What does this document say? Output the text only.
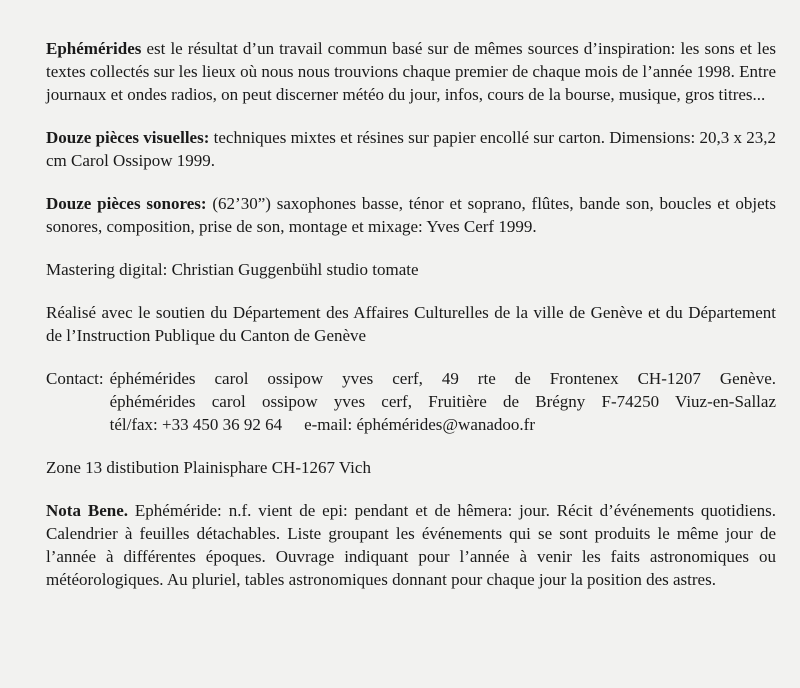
Ephémérides est le résultat d’un travail commun basé sur de mêmes sources d’inspiration: les sons et les textes collectés sur les lieux où nous nous trouvions chaque premier de chaque mois de l’année 1998. Entre journaux et ondes radios, on peut discerner météo du jour, infos, cours de la bourse, musique, gros titres...

Douze pièces visuelles: techniques mixtes et résines sur papier encollé sur carton. Dimensions: 20,3 x 23,2 cm Carol Ossipow 1999.

Douze pièces sonores: (62’30”) saxophones basse, ténor et soprano, flûtes, bande son, boucles et objets sonores, composition, prise de son, montage et mixage: Yves Cerf 1999.

Mastering digital: Christian Guggenbühl studio tomate

Réalisé avec le soutien du Département des Affaires Culturelles de la ville de Genève et du Département de l’Instruction Publique du Canton de Genève

Contact: éphémérides carol ossipow yves cerf, 49 rte de Frontenex CH-1207 Genève.
éphémérides carol ossipow yves cerf, Fruitière de Brégny F-74250 Viuz-en-Sallaz
tél/fax: +33 450 36 92 64 e-mail: éphémérides@wanadoo.fr

Zone 13 distibution Plainisphare CH-1267 Vich

Nota Bene. Ephéméride: n.f. vient de epi: pendant et de hêmera: jour. Récit d’événements quotidiens. Calendrier à feuilles détachables. Liste groupant les événements qui se sont produits le même jour de l’année à différentes époques. Ouvrage indiquant pour l’année à venir les faits astronomiques ou météorologiques. Au pluriel, tables astronomiques donnant pour chaque jour la position des astres.
